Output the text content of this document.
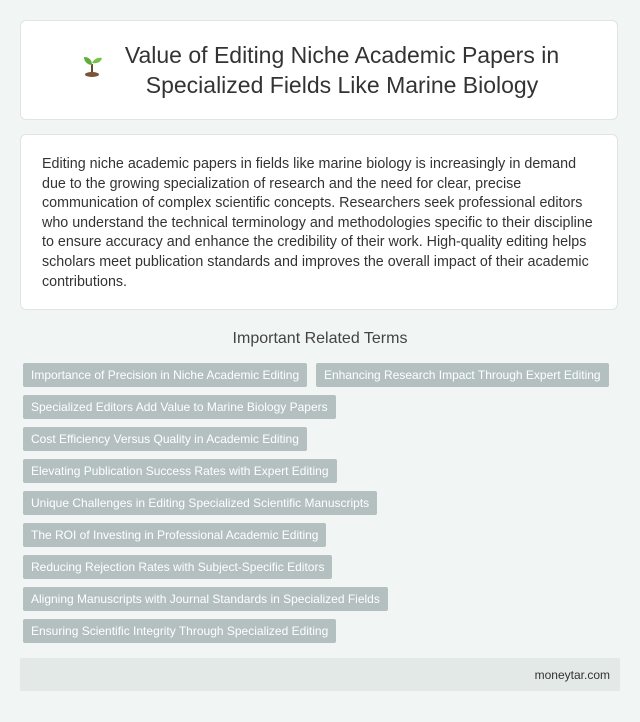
Value of Editing Niche Academic Papers in
Specialized Fields Like Marine Biology

Editing niche academic papers in fields like marine biology is increasingly in demand due to the growing specialization of research and the need for clear, precise communication of complex scientific concepts. Researchers seek professional editors who understand the technical terminology and methodologies specific to their discipline to ensure accuracy and enhance the credibility of their work. High-quality editing helps scholars meet publication standards and improves the overall impact of their academic contributions.

Important Related Terms
Importance of Precision in Niche Academic Editing	Enhancing Research Impact Through Expert Editing
Specialized Editors Add Value to Marine Biology Papers
Cost Efficiency Versus Quality in Academic Editing
Elevating Publication Success Rates with Expert Editing
Unique Challenges in Editing Specialized Scientific Manuscripts
The ROI of Investing in Professional Academic Editing
Reducing Rejection Rates with Subject-Specific Editors
Aligning Manuscripts with Journal Standards in Specialized Fields
Ensuring Scientific Integrity Through Specialized Editing
moneytar.com
